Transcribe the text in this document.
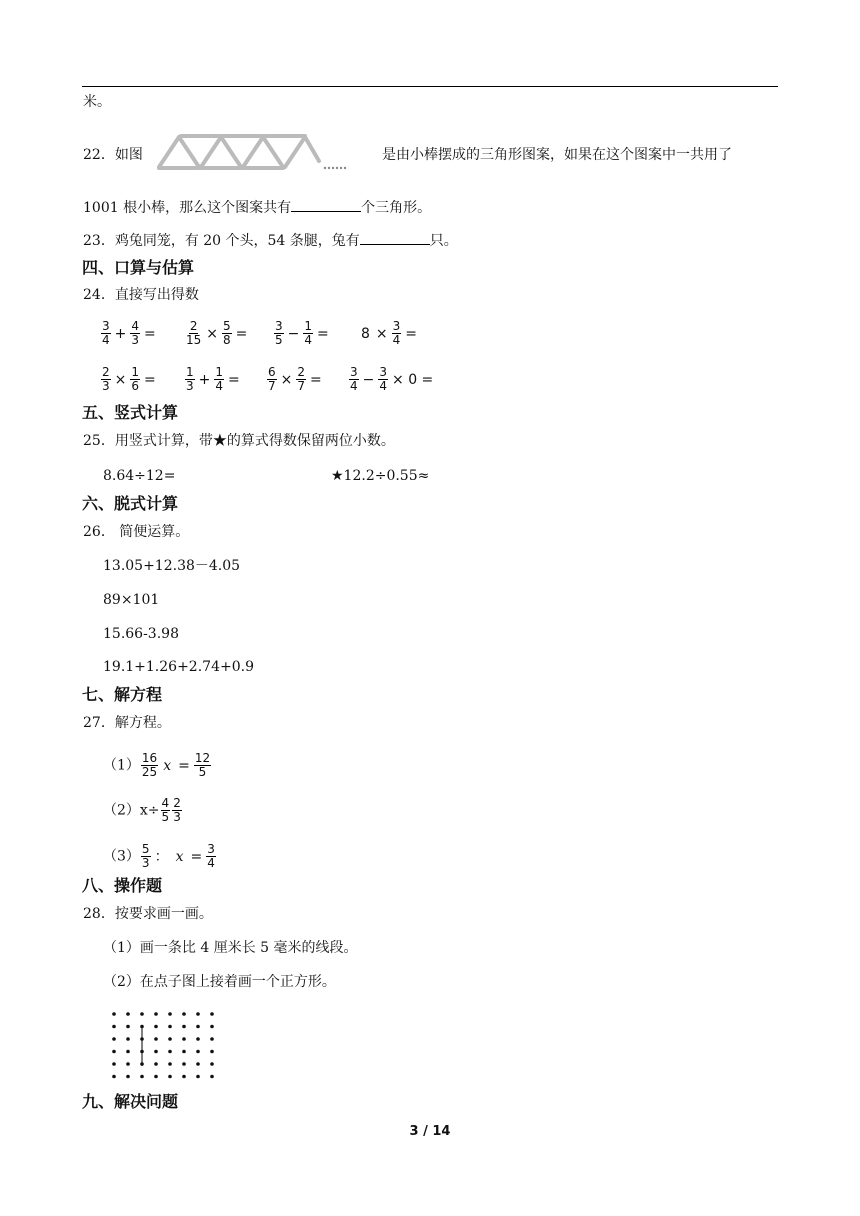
米。
22．如图	是由小棒摆成的三角形图案，如果在这个图案中一共用了
1001 根小棒，那么这个图案共有	个三角形。
23．鸡兔同笼，有 20 个头，54 条腿，兔有	只。
四、口算与估算
24．直接写出得数
$\frac{3}{4} + \frac{4}{3} = \frac{2}{15} \times \frac{5}{8} = \frac{3}{5} - \frac{1}{4} = 8 \times \frac{3}{4}$ =
$\frac{2}{3} \times \frac{1}{6} = \frac{1}{3} + \frac{1}{4} = \frac{6}{7} \times \frac{2}{7} = \frac{3}{4} - \frac{3}{4} \times 0$ =
五、竖式计算
25．用竖式计算，带★的算式得数保留两位小数。
8.64÷12=	★12.2÷0.55≈
六、脱式计算
26． 简便运算。
13.05+12.38－4.05
89×101
15.66-3.98
19.1+1.26+2.74+0.9
七、解方程
27．解方程。
$(1) \frac{16}{25}$ $x = \frac{12}{5}$
$(2)x\div \frac{4}{5} \frac{2}{3}$
$(3) \frac{5}{3}$ ： $x = \frac{3}{4}$
八、操作题
28．按要求画一画。
（1）画一条比 4 厘米长 5 毫米的线段。
（2）在点子图上接着画一个正方形。
九、解决问题
3 / 14
